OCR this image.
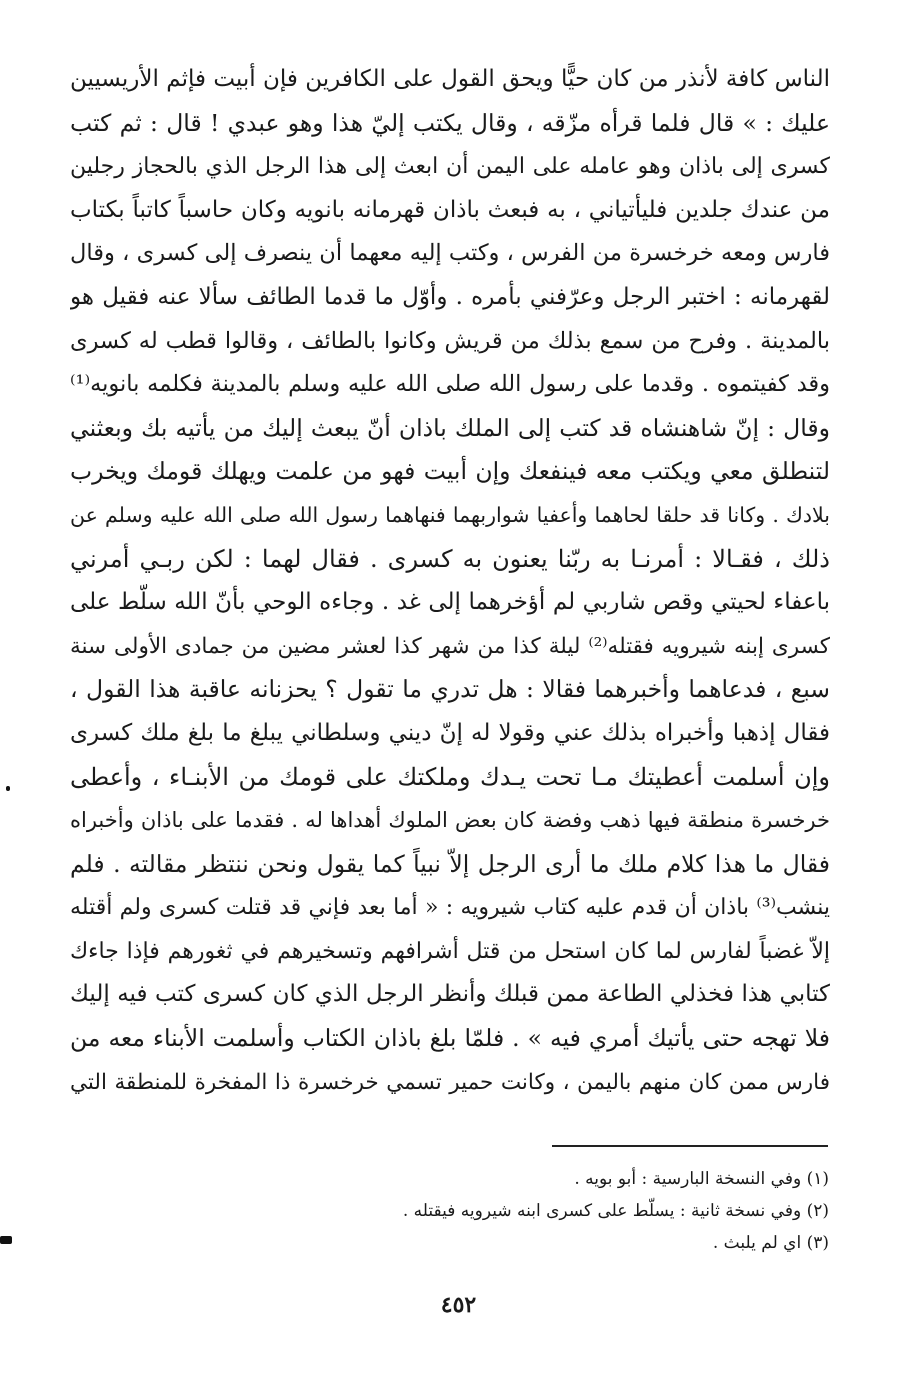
الناس كافة لأنذر من كان حيًّا ويحق القول على الكافرين فإن أبيت فإثم الأريسيين
عليك : » قال فلما قرأه مزّقه ، وقال يكتب إليّ هذا وهو عبدي ! قال : ثم كتب
كسرى إلى باذان وهو عامله على اليمن أن ابعث إلى هذا الرجل الذي بالحجاز رجلين
من عندك جلدين فليأتياني ، به فبعث باذان قهرمانه بانويه وكان حاسباً كاتباً بكتاب
فارس ومعه خرخسرة من الفرس ، وكتب إليه معهما أن ينصرف إلى كسرى ، وقال
لقهرمانه : اختبر الرجل وعرّفني بأمره . وأوّل ما قدما الطائف سألا عنه فقيل هو
بالمدينة . وفرح من سمع بذلك من قريش وكانوا بالطائف ، وقالوا قطب له كسرى
وقد كفيتموه . وقدما على رسول الله صلى الله عليه وسلم بالمدينة فكلمه بانويه⁽¹⁾
وقال : إنّ شاهنشاه قد كتب إلى الملك باذان أنّ يبعث إليك من يأتيه بك وبعثني
لتنطلق معي ويكتب معه فينفعك وإن أبيت فهو من علمت ويهلك قومك ويخرب
بلادك . وكانا قد حلقا لحاهما وأعفيا شواربهما فنهاهما رسول الله صلى الله عليه وسلم عن
ذلك ، فقـالا : أمرنـا به ربّنا يعنون به كسرى . فقال لهما : لكن ربـي أمرني
باعفاء لحيتي وقص شاربي لم أؤخرهما إلى غد . وجاءه الوحي بأنّ الله سلّط على
كسرى إبنه شيرويه فقتله⁽²⁾ ليلة كذا من شهر كذا لعشر مضين من جمادى الأولى سنة
سبع ، فدعاهما وأخبرهما فقالا : هل تدري ما تقول ؟ يحزنانه عاقبة هذا القول ،
فقال إذهبا وأخبراه بذلك عني وقولا له إنّ ديني وسلطاني يبلغ ما بلغ ملك كسرى
وإن أسلمت أعطيتك مـا تحت يـدك وملكتك على قومك من الأبنـاء ، وأعطى
خرخسرة منطقة فيها ذهب وفضة كان بعض الملوك أهداها له . فقدما على باذان وأخبراه
فقال ما هذا كلام ملك ما أرى الرجل إلاّ نبياً كما يقول ونحن ننتظر مقالته . فلم
ينشب⁽³⁾ باذان أن قدم عليه كتاب شيرويه : « أما بعد فإني قد قتلت كسرى ولم أقتله
إلاّ غضباً لفارس لما كان استحل من قتل أشرافهم وتسخيرهم في ثغورهم فإذا جاءك
كتابي هذا فخذلي الطاعة ممن قبلك وأنظر الرجل الذي كان كسرى كتب فيه إليك
فلا تهجه حتى يأتيك أمري فيه » . فلمّا بلغ باذان الكتاب وأسلمت الأبناء معه من
فارس ممن كان منهم باليمن ، وكانت حمير تسمي خرخسرة ذا المفخرة للمنطقة التي
(١) وفي النسخة البارسية : أبو بويه .
(٢) وفي نسخة ثانية : يسلّط على كسرى ابنه شيرويه فيقتله .
(٣) اي لم يلبث .
٤٥٢
